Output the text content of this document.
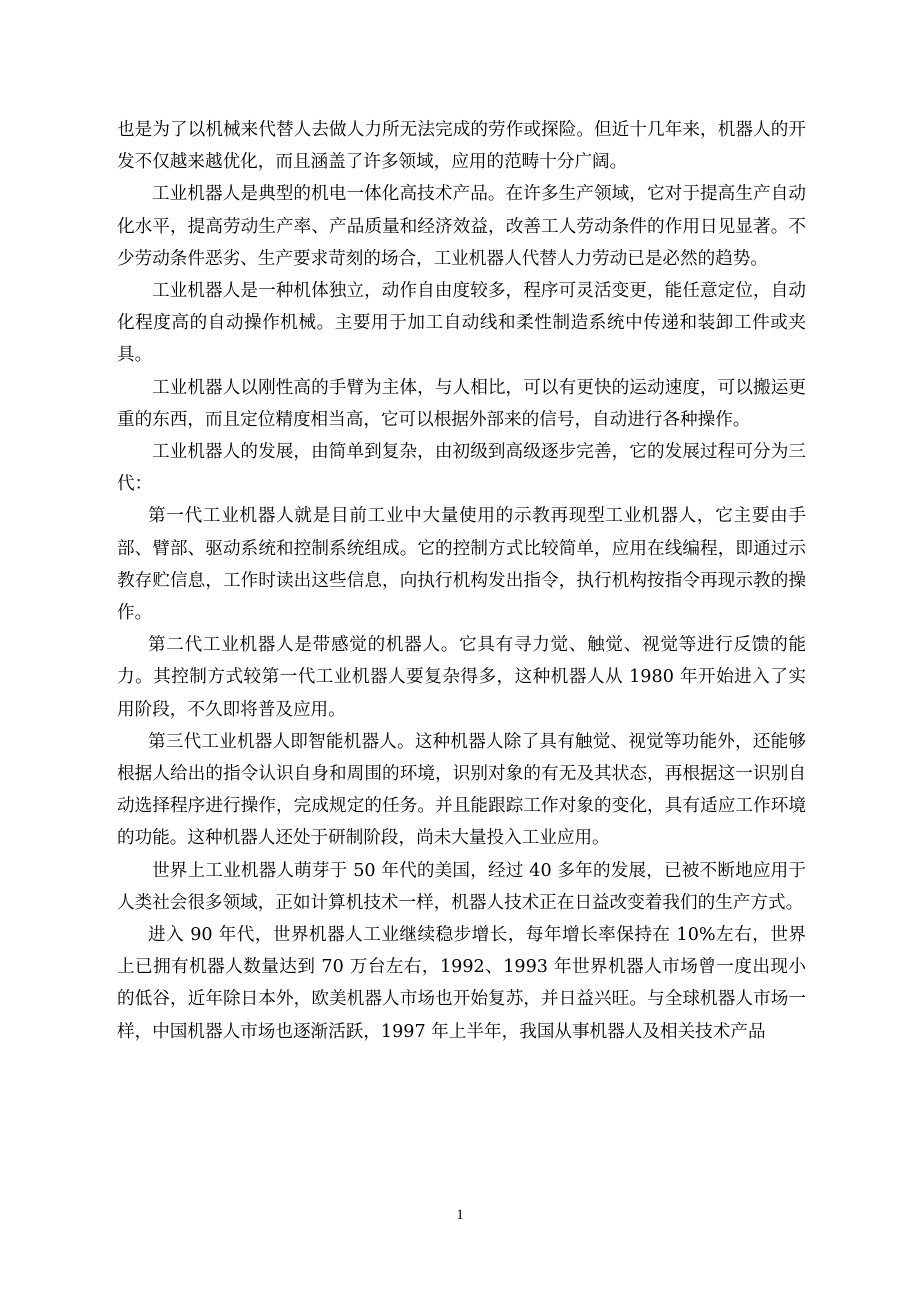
也是为了以机械来代替人去做人力所无法完成的劳作或探险。但近十几年来，机器人的开发不仅越来越优化，而且涵盖了许多领域，应用的范畴十分广阔。

工业机器人是典型的机电一体化高技术产品。在许多生产领域，它对于提高生产自动化水平，提高劳动生产率、产品质量和经济效益，改善工人劳动条件的作用日见显著。不少劳动条件恶劣、生产要求苛刻的场合，工业机器人代替人力劳动已是必然的趋势。

工业机器人是一种机体独立，动作自由度较多，程序可灵活变更，能任意定位，自动化程度高的自动操作机械。主要用于加工自动线和柔性制造系统中传递和装卸工件或夹具。

工业机器人以刚性高的手臂为主体，与人相比，可以有更快的运动速度，可以搬运更重的东西，而且定位精度相当高，它可以根据外部来的信号，自动进行各种操作。

工业机器人的发展，由简单到复杂，由初级到高级逐步完善，它的发展过程可分为三代：

第一代工业机器人就是目前工业中大量使用的示教再现型工业机器人，它主要由手部、臂部、驱动系统和控制系统组成。它的控制方式比较简单，应用在线编程，即通过示教存贮信息，工作时读出这些信息，向执行机构发出指令，执行机构按指令再现示教的操作。

第二代工业机器人是带感觉的机器人。它具有寻力觉、触觉、视觉等进行反馈的能力。其控制方式较第一代工业机器人要复杂得多，这种机器人从 1980 年开始进入了实用阶段，不久即将普及应用。

第三代工业机器人即智能机器人。这种机器人除了具有触觉、视觉等功能外，还能够根据人给出的指令认识自身和周围的环境，识别对象的有无及其状态，再根据这一识别自动选择程序进行操作，完成规定的任务。并且能跟踪工作对象的变化，具有适应工作环境的功能。这种机器人还处于研制阶段，尚未大量投入工业应用。

世界上工业机器人萌芽于 50 年代的美国，经过 40 多年的发展，已被不断地应用于人类社会很多领域，正如计算机技术一样，机器人技术正在日益改变着我们的生产方式。

进入 90 年代，世界机器人工业继续稳步增长，每年增长率保持在 10%左右，世界上已拥有机器人数量达到 70 万台左右，1992、1993 年世界机器人市场曾一度出现小的低谷，近年除日本外，欧美机器人市场也开始复苏，并日益兴旺。与全球机器人市场一样，中国机器人市场也逐渐活跃，1997 年上半年，我国从事机器人及相关技术产品

1
